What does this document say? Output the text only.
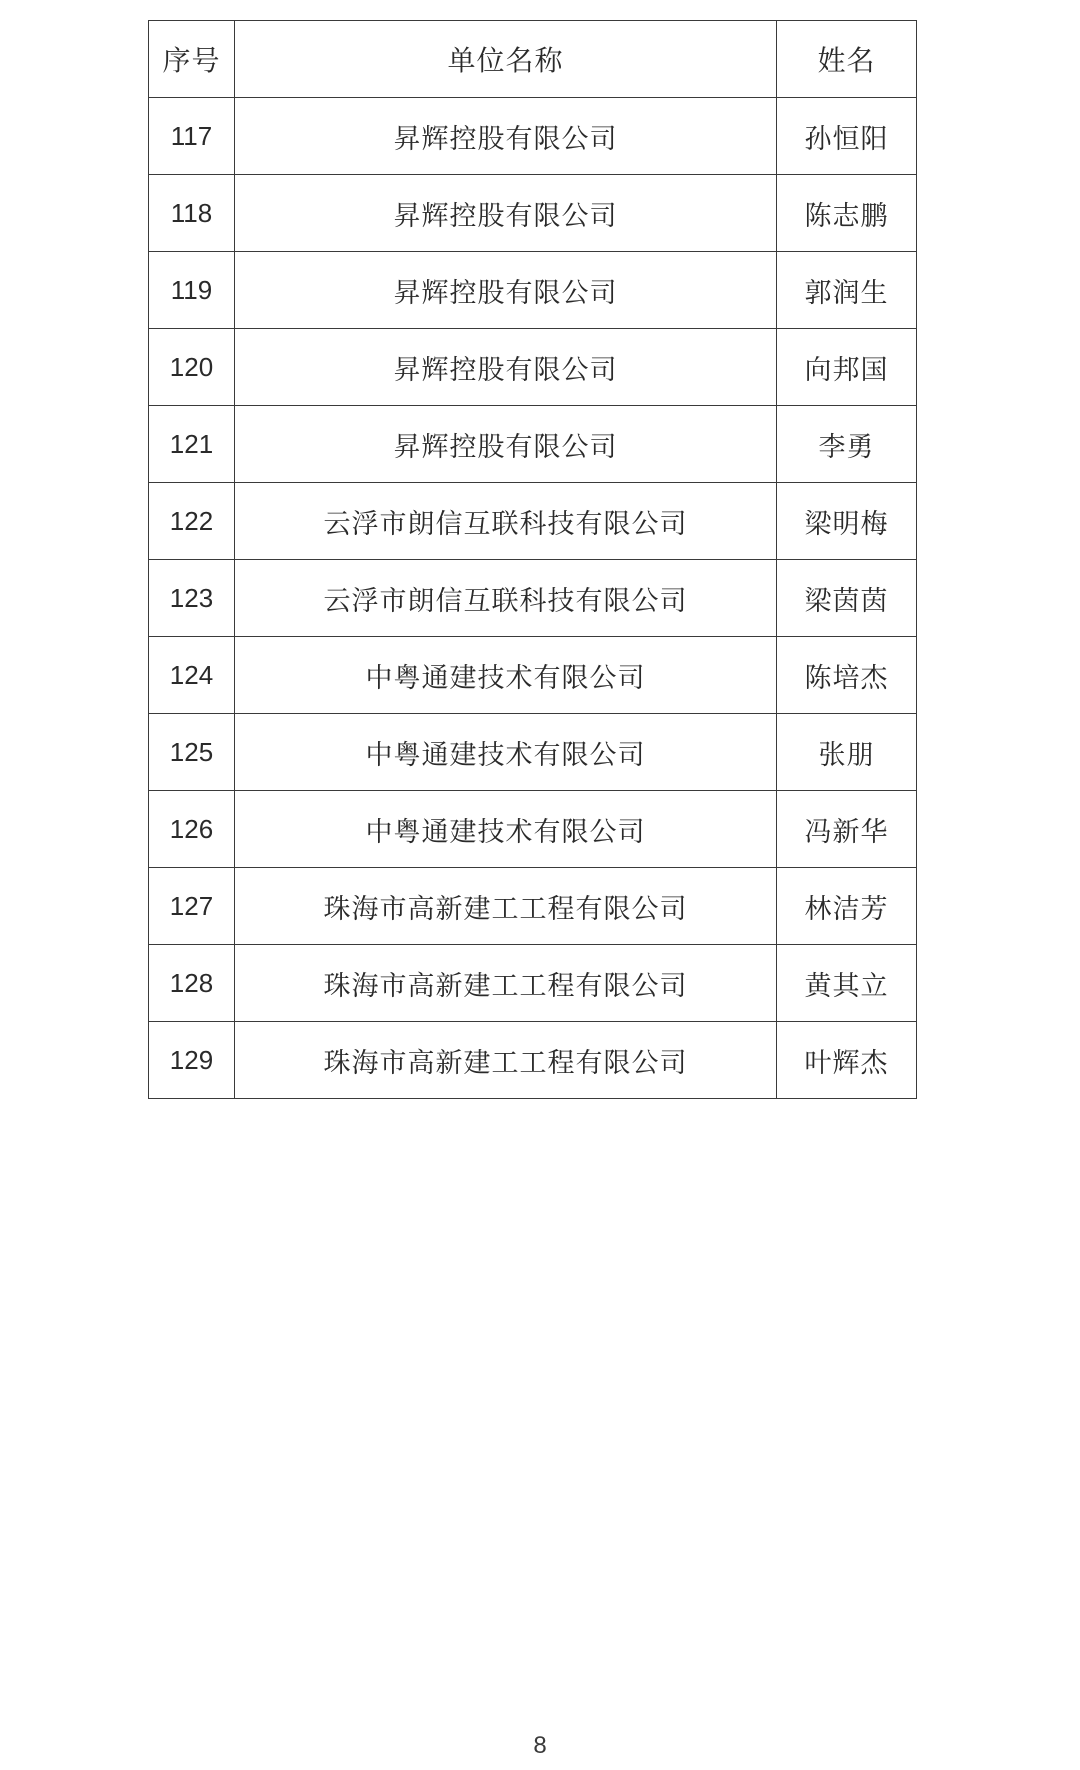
序号	单位名称	姓名
117	昇辉控股有限公司	孙恒阳
118	昇辉控股有限公司	陈志鹏
119	昇辉控股有限公司	郭润生
120	昇辉控股有限公司	向邦国
121	昇辉控股有限公司	李勇
122	云浮市朗信互联科技有限公司	梁明梅
123	云浮市朗信互联科技有限公司	梁茵茵
124	中粤通建技术有限公司	陈培杰
125	中粤通建技术有限公司	张朋
126	中粤通建技术有限公司	冯新华
127	珠海市高新建工工程有限公司	林洁芳
128	珠海市高新建工工程有限公司	黄其立
129	珠海市高新建工工程有限公司	叶辉杰
8
